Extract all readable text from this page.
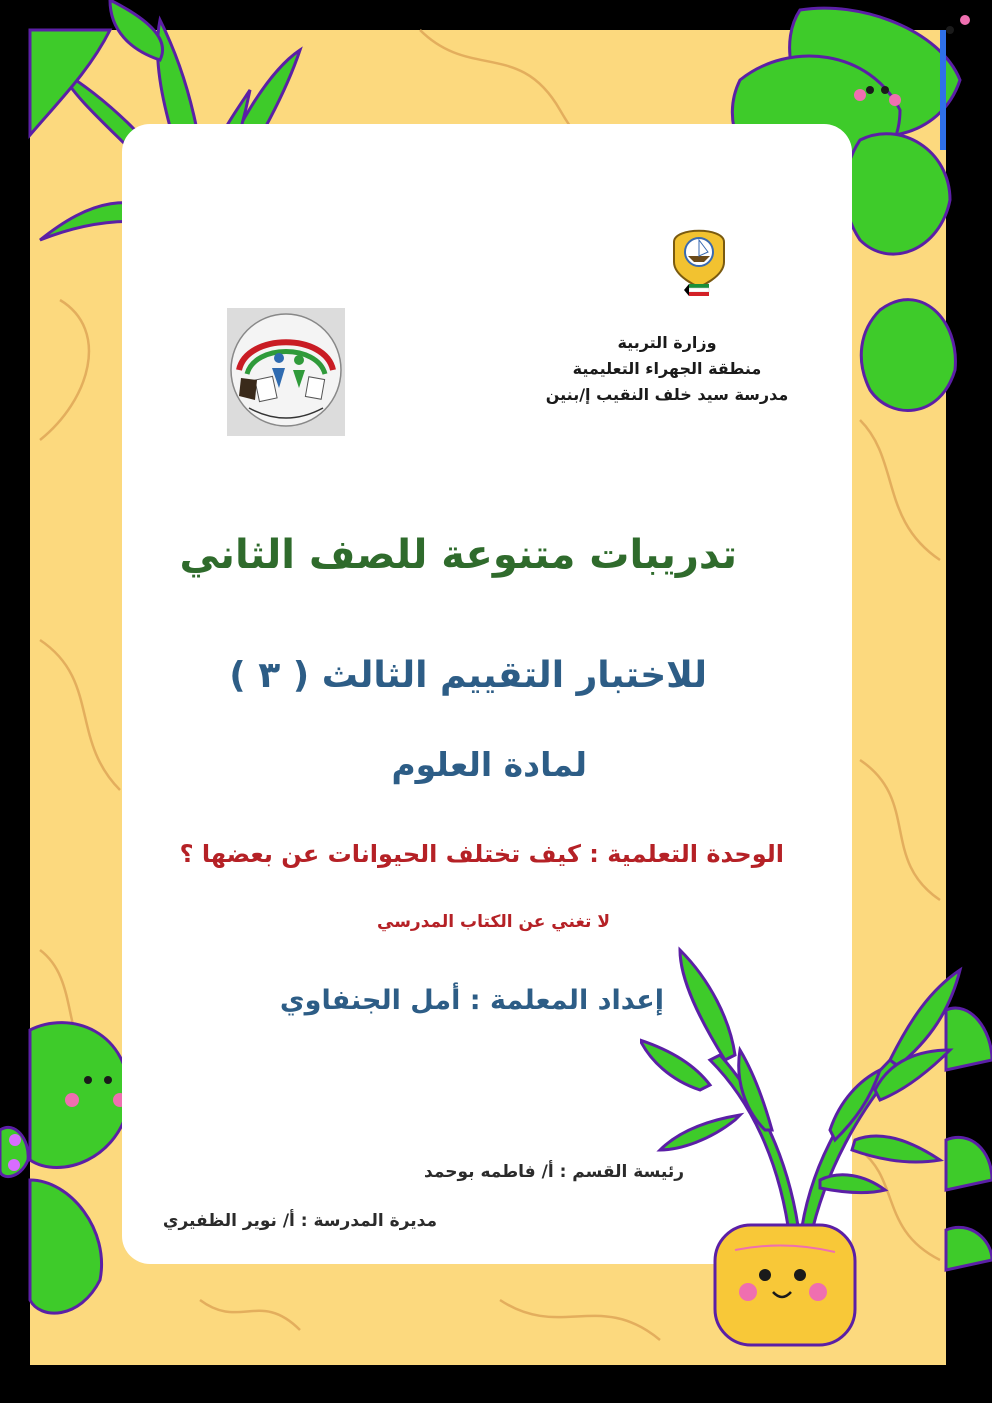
وزارة التربية
منطقة الجهراء التعليمية
مدرسة سيد خلف النقيب إ/بنين

تدريبات متنوعة للصف الثاني

للاختبار التقييم الثالث ( ٣ )

لمادة العلوم

الوحدة التعلمية : كيف تختلف الحيوانات عن بعضها ؟

لا تغني عن الكتاب المدرسي

إعداد المعلمة : أمل الجنفاوي

رئيسة القسم : أ/ فاطمه بوحمد

مديرة المدرسة : أ/ نوير الظفيري
